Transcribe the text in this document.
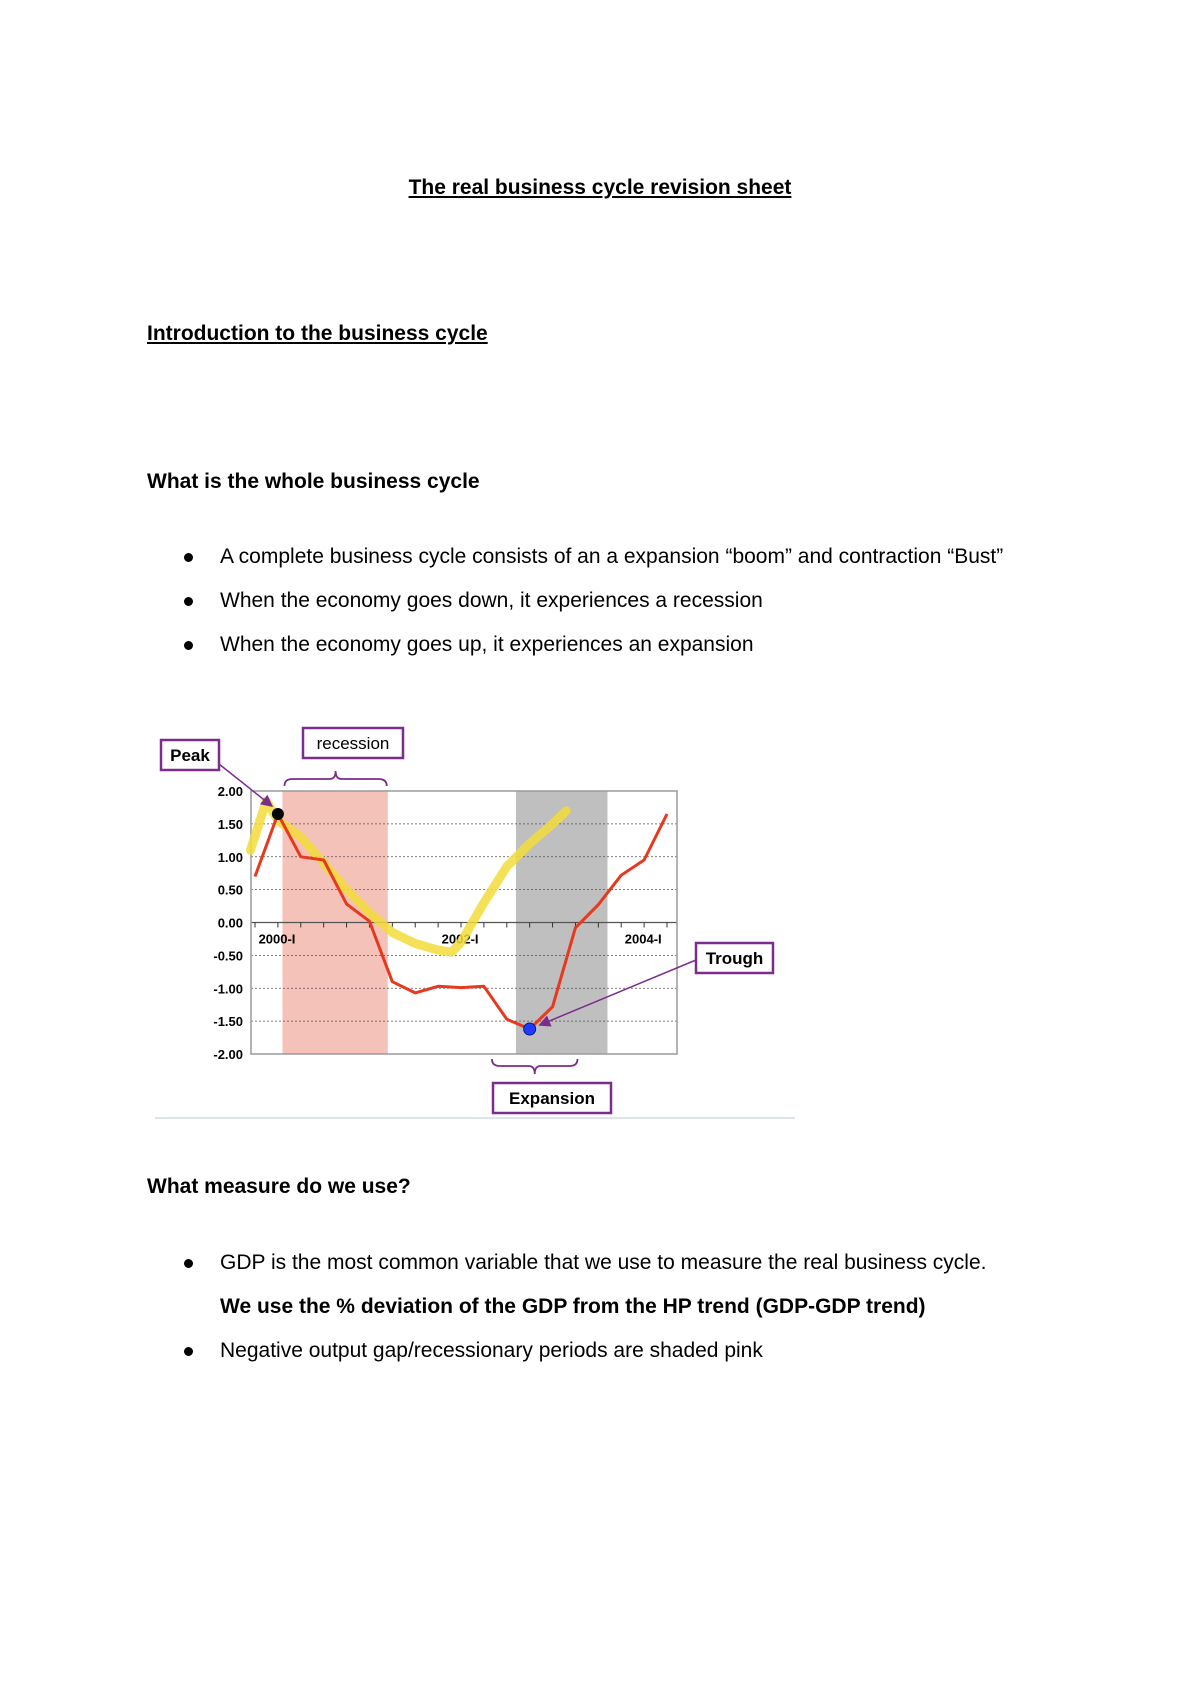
The real business cycle revision sheet
Introduction to the business cycle
What is the whole business cycle
A complete business cycle consists of an a expansion “boom” and contraction “Bust”
When the economy goes down, it experiences a recession
When the economy goes up, it experiences an expansion
2.00
1.50
1.00
0.50
0.00
-0.50
-1.00
-1.50
-2.00
2000-I	2002-I	2004-I
Peak
recession
Expansion
Trough
What measure do we use?
GDP is the most common variable that we use to measure the real business cycle.
We use the % deviation of the GDP from the HP trend (GDP-GDP trend)
Negative output gap/recessionary periods are shaded pink
